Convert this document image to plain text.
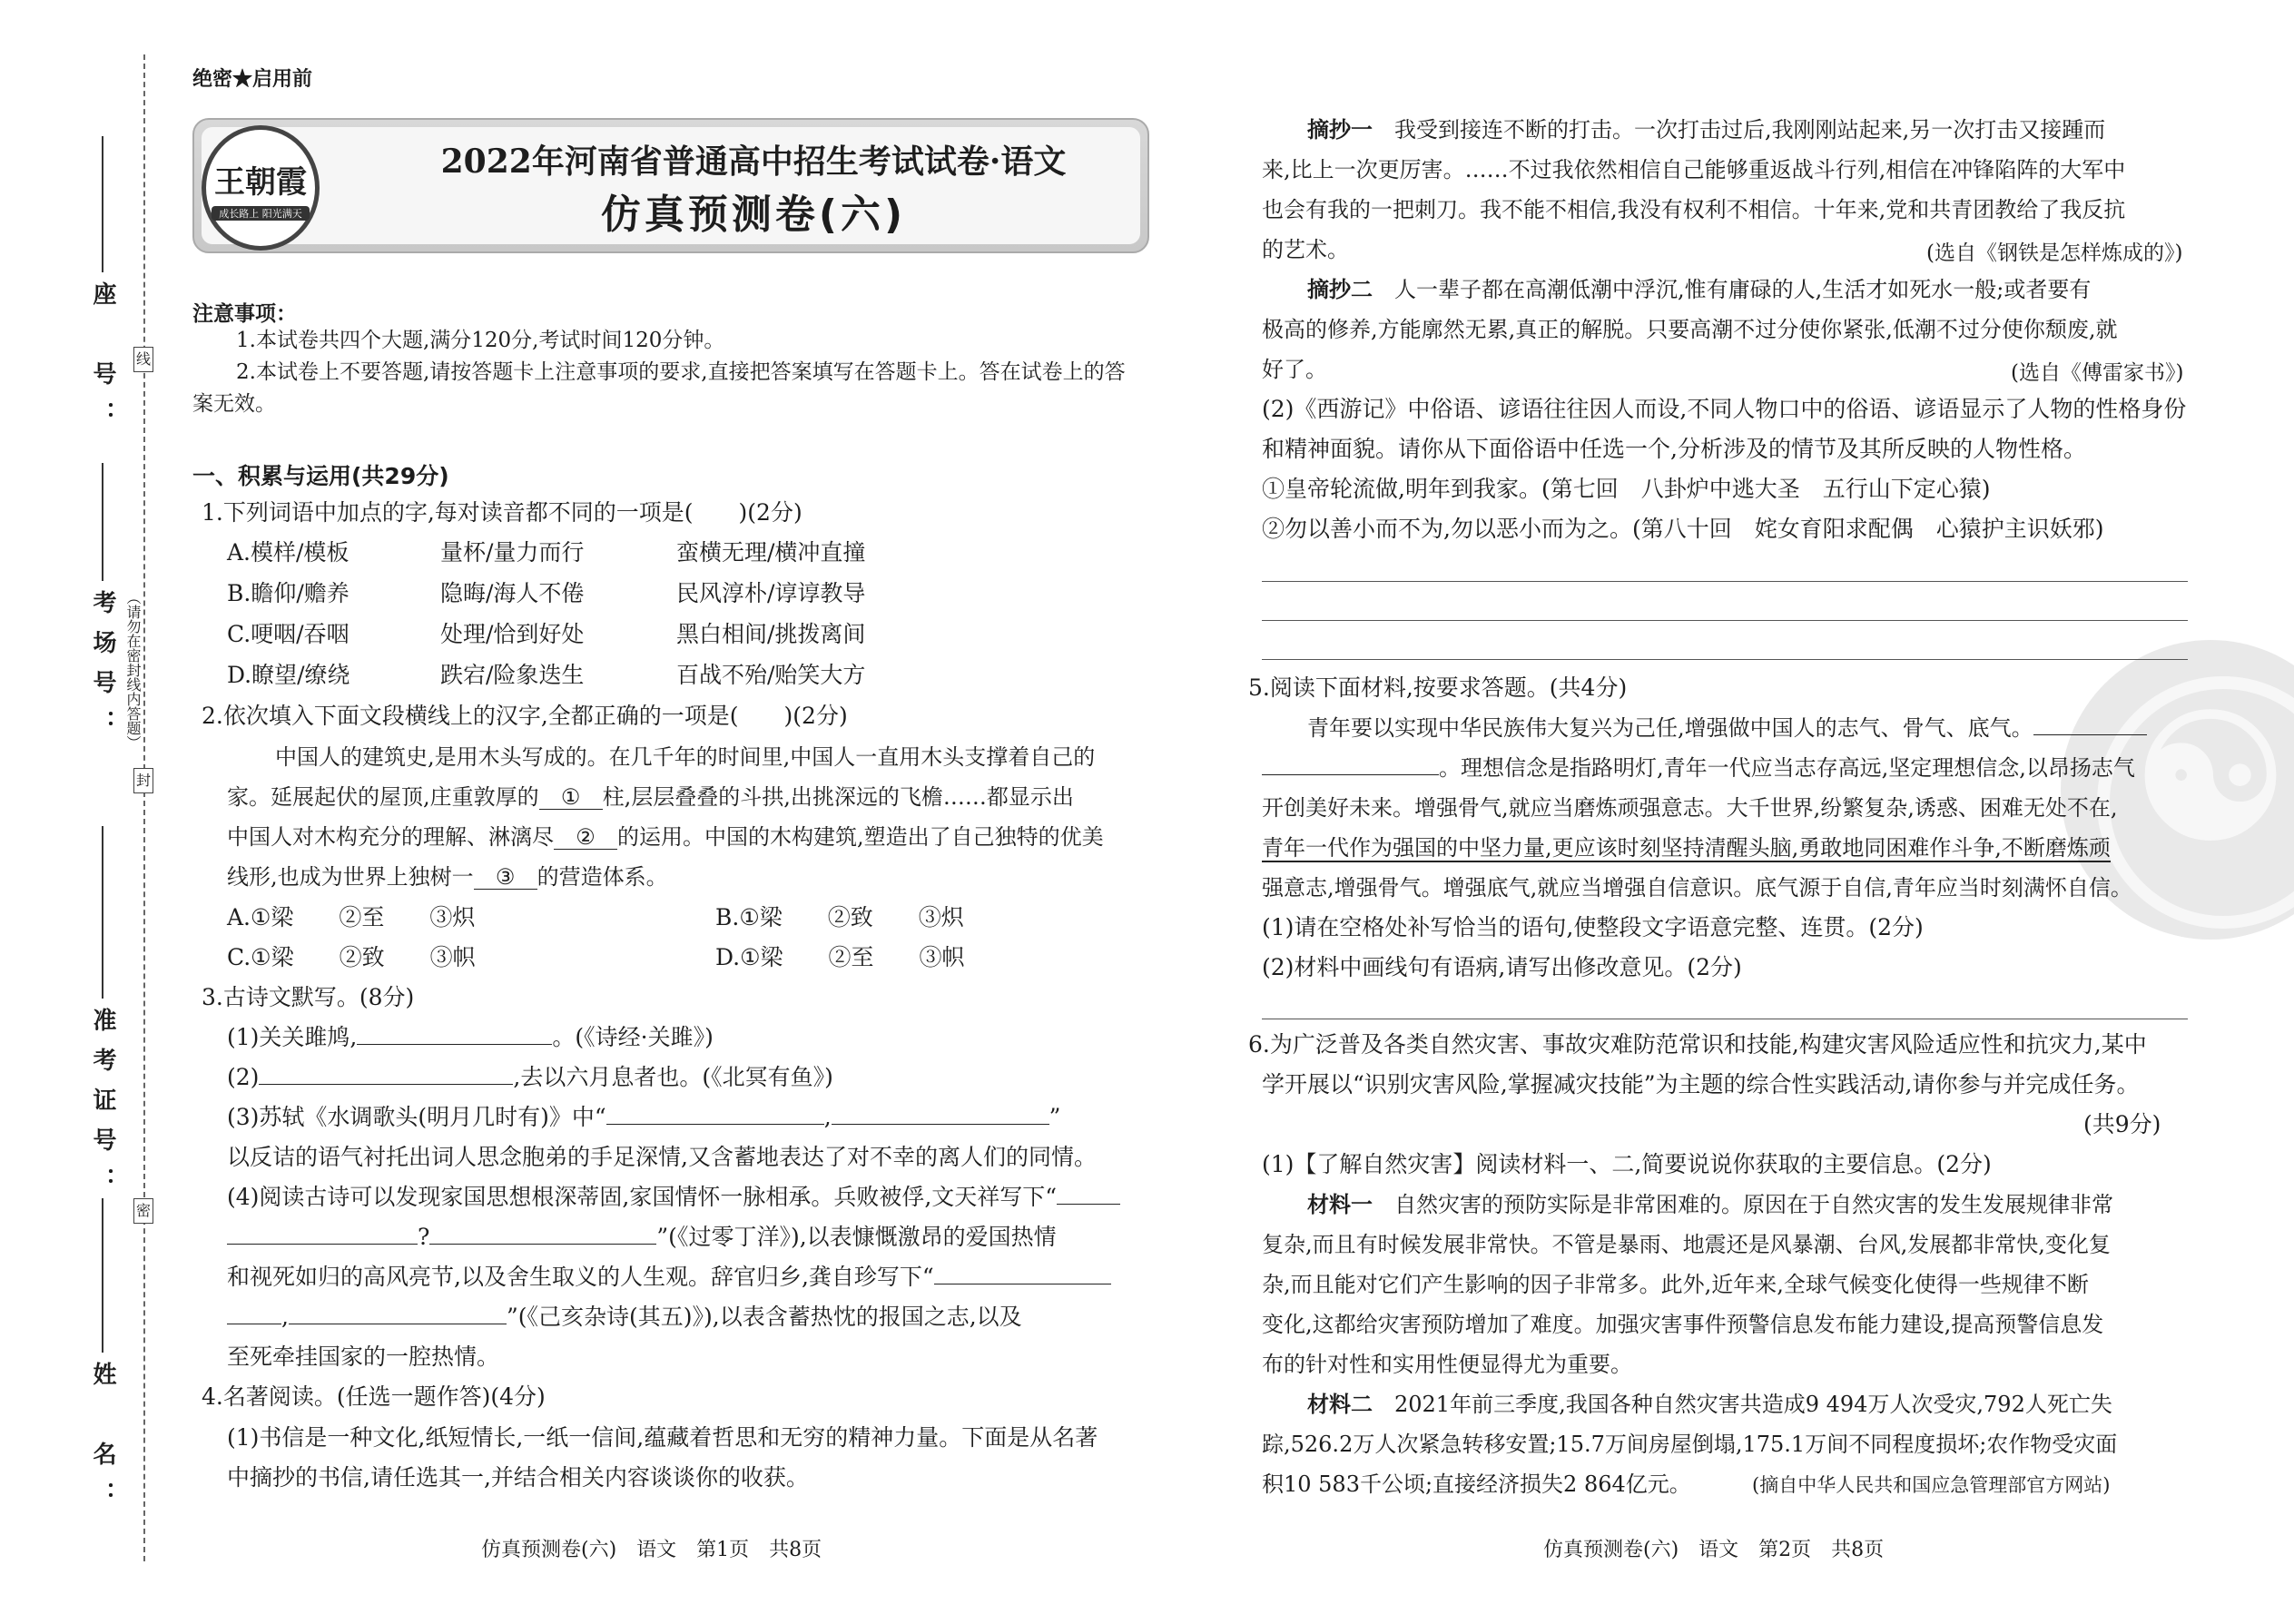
座　号：
考场号：
准考证号：
姓　名：
线
封
密
（请勿在密封线内答题）
绝密★启用前
王朝霞
成长路上 阳光满天
2022年河南省普通高中招生考试试卷·语文
仿真预测卷(六)
注意事项：
1.本试卷共四个大题,满分120分,考试时间120分钟。
2.本试卷上不要答题,请按答题卡上注意事项的要求,直接把答案填写在答题卡上。答在试卷上的答
案无效。
一、积累与运用(共29分)
1.下列词语中加点的字,每对读音都不同的一项是(　　)(2分)
A.模样/模板	量杯/量力而行	蛮横无理/横冲直撞
B.瞻仰/赡养	隐晦/海人不倦	民风淳朴/谆谆教导
C.哽咽/吞咽	处理/恰到好处	黑白相间/挑拨离间
D.瞭望/缭绕	跌宕/险象迭生	百战不殆/贻笑大方
2.依次填入下面文段横线上的汉字,全都正确的一项是(　　)(2分)
中国人的建筑史,是用木头写成的。在几千年的时间里,中国人一直用木头支撑着自己的
家。延展起伏的屋顶,庄重敦厚的 ① 柱,层层叠叠的斗拱,出挑深远的飞檐……都显示出
中国人对木构充分的理解、淋漓尽 ② 的运用。中国的木构建筑,塑造出了自己独特的优美
线形,也成为世界上独树一 ③ 的营造体系。
A.①梁　　②至　　③炽	B.①梁　　②致　　③炽
C.①梁　　②致　　③帜	D.①梁　　②至　　③帜
3.古诗文默写。(8分)
(1)关关雎鸠,	。(《诗经·关雎》)
(2)	,去以六月息者也。(《北冥有鱼》)
(3)苏轼《水调歌头(明月几时有)》中“	,	”
以反诘的语气衬托出词人思念胞弟的手足深情,又含蓄地表达了对不幸的离人们的同情。
(4)阅读古诗可以发现家国思想根深蒂固,家国情怀一脉相承。兵败被俘,文天祥写下“
?	”(《过零丁洋》),以表慷慨激昂的爱国热情
和视死如归的高风亮节,以及舍生取义的人生观。辞官归乡,龚自珍写下“
,	”(《己亥杂诗(其五)》),以表含蓄热忱的报国之志,以及
至死牵挂国家的一腔热情。
4.名著阅读。(任选一题作答)(4分)
(1)书信是一种文化,纸短情长,一纸一信间,蕴藏着哲思和无穷的精神力量。下面是从名著
中摘抄的书信,请任选其一,并结合相关内容谈谈你的收获。
仿真预测卷(六)　语文　第1页　共8页
☯
摘抄一　 我受到接连不断的打击。一次打击过后,我刚刚站起来,另一次打击又接踵而
来,比上一次更厉害。……不过我依然相信自己能够重返战斗行列,相信在冲锋陷阵的大军中
也会有我的一把刺刀。我不能不相信,我没有权利不相信。十年来,党和共青团教给了我反抗
的艺术。	(选自《钢铁是怎样炼成的》)
摘抄二　 人一辈子都在高潮低潮中浮沉,惟有庸碌的人,生活才如死水一般;或者要有
极高的修养,方能廓然无累,真正的解脱。只要高潮不过分使你紧张,低潮不过分使你颓废,就
好了。	(选自《傅雷家书》)
(2)《西游记》中俗语、谚语往往因人而设,不同人物口中的俗语、谚语显示了人物的性格身份
和精神面貌。请你从下面俗语中任选一个,分析涉及的情节及其所反映的人物性格。
①皇帝轮流做,明年到我家。(第七回　八卦炉中逃大圣　五行山下定心猿)
②勿以善小而不为,勿以恶小而为之。(第八十回　姹女育阳求配偶　心猿护主识妖邪)
5.阅读下面材料,按要求答题。(共4分)
青年要以实现中华民族伟大复兴为己任,增强做中国人的志气、骨气、底气。
。理想信念是指路明灯,青年一代应当志存高远,坚定理想信念,以昂扬志气
开创美好未来。增强骨气,就应当磨炼顽强意志。大千世界,纷繁复杂,诱惑、困难无处不在,
青年一代作为强国的中坚力量,更应该时刻坚持清醒头脑,勇敢地同困难作斗争,不断磨炼顽
强意志,增强骨气。增强底气,就应当增强自信意识。底气源于自信,青年应当时刻满怀自信。
(1)请在空格处补写恰当的语句,使整段文字语意完整、连贯。(2分)
(2)材料中画线句有语病,请写出修改意见。(2分)
6.为广泛普及各类自然灾害、事故灾难防范常识和技能,构建灾害风险适应性和抗灾力,某中
学开展以“识别灾害风险,掌握减灾技能”为主题的综合性实践活动,请你参与并完成任务。
(共9分)
(1)【了解自然灾害】阅读材料一、二,简要说说你获取的主要信息。(2分)
材料一　 自然灾害的预防实际是非常困难的。原因在于自然灾害的发生发展规律非常
复杂,而且有时候发展非常快。不管是暴雨、地震还是风暴潮、台风,发展都非常快,变化复
杂,而且能对它们产生影响的因子非常多。此外,近年来,全球气候变化使得一些规律不断
变化,这都给灾害预防增加了难度。加强灾害事件预警信息发布能力建设,提高预警信息发
布的针对性和实用性便显得尤为重要。
材料二　 2021年前三季度,我国各种自然灾害共造成9 494万人次受灾,792人死亡失
踪,526.2万人次紧急转移安置;15.7万间房屋倒塌,175.1万间不同程度损坏;农作物受灾面
积10 583千公顷;直接经济损失2 864亿元。	(摘自中华人民共和国应急管理部官方网站)
仿真预测卷(六)　语文　第2页　共8页
